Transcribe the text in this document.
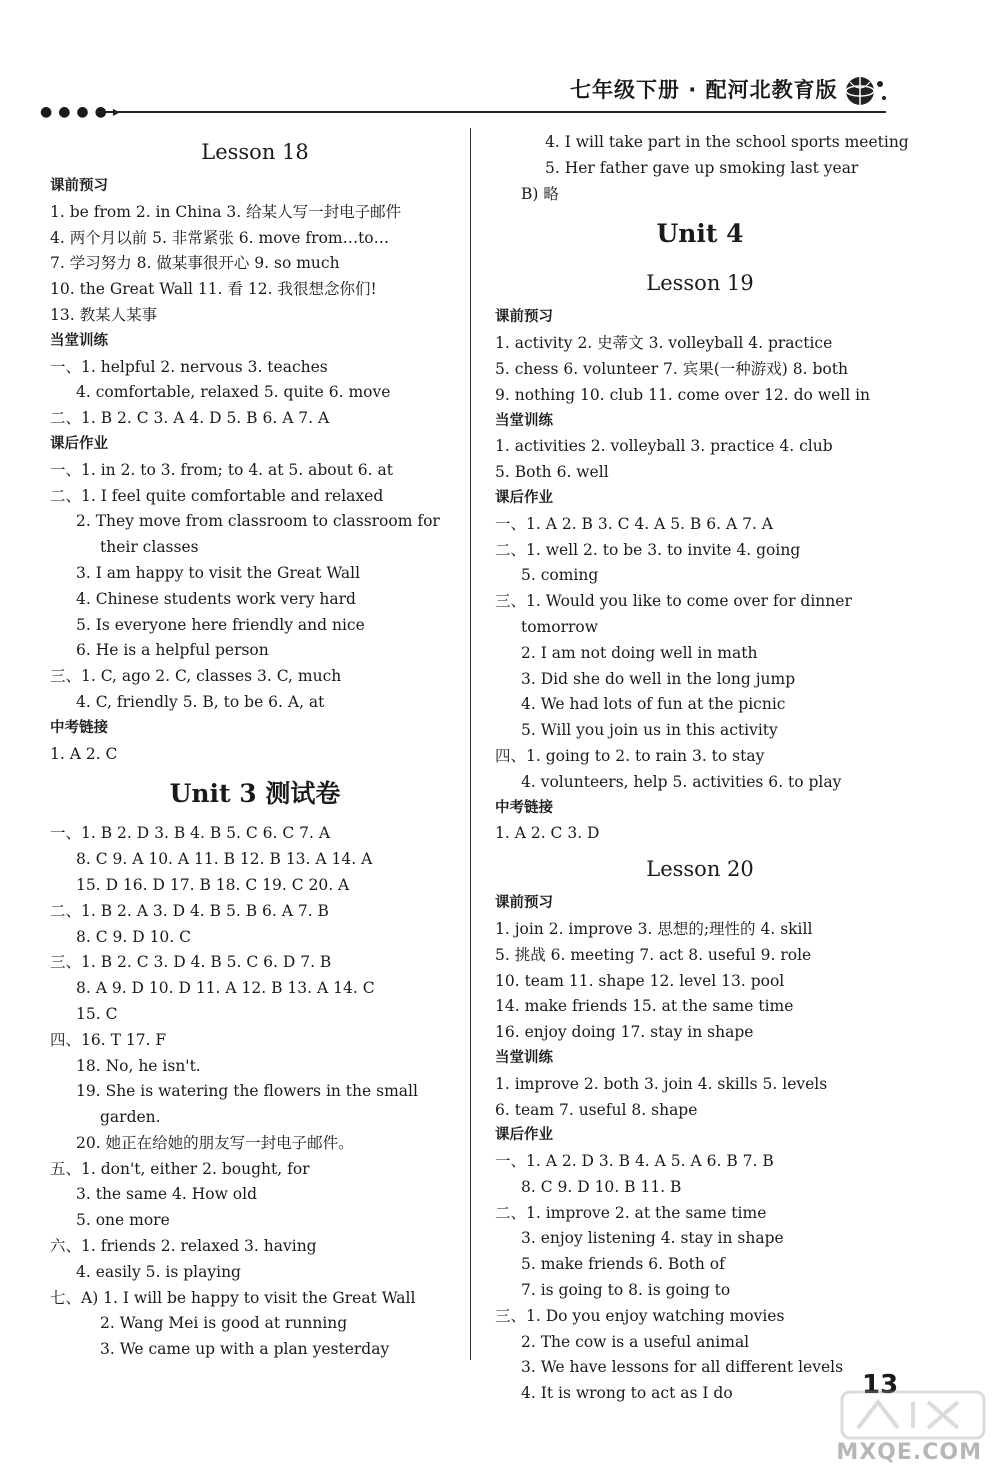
●●●●▸
七年级下册 · 配河北教育版
Lesson 18
课前预习
1. be from 2. in China 3. 给某人写一封电子邮件
4. 两个月以前 5. 非常紧张 6. move from…to…
7. 学习努力 8. 做某事很开心 9. so much
10. the Great Wall 11. 看 12. 我很想念你们!
13. 教某人某事
当堂训练
一、1. helpful 2. nervous 3. teaches
4. comfortable, relaxed 5. quite 6. move
二、1. B 2. C 3. A 4. D 5. B 6. A 7. A
课后作业
一、1. in 2. to 3. from; to 4. at 5. about 6. at
二、1. I feel quite comfortable and relaxed
2. They move from classroom to classroom for
their classes
3. I am happy to visit the Great Wall
4. Chinese students work very hard
5. Is everyone here friendly and nice
6. He is a helpful person
三、1. C, ago 2. C, classes 3. C, much
4. C, friendly 5. B, to be 6. A, at
中考链接
1. A 2. C
Unit 3 测试卷
一、1. B 2. D 3. B 4. B 5. C 6. C 7. A
8. C 9. A 10. A 11. B 12. B 13. A 14. A
15. D 16. D 17. B 18. C 19. C 20. A
二、1. B 2. A 3. D 4. B 5. B 6. A 7. B
8. C 9. D 10. C
三、1. B 2. C 3. D 4. B 5. C 6. D 7. B
8. A 9. D 10. D 11. A 12. B 13. A 14. C
15. C
四、16. T 17. F
18. No, he isn't.
19. She is watering the flowers in the small
garden.
20. 她正在给她的朋友写一封电子邮件。
五、1. don't, either 2. bought, for
3. the same 4. How old
5. one more
六、1. friends 2. relaxed 3. having
4. easily 5. is playing
七、A) 1. I will be happy to visit the Great Wall
2. Wang Mei is good at running
3. We came up with a plan yesterday
4. I will take part in the school sports meeting
5. Her father gave up smoking last year
B) 略
Unit 4
Lesson 19
课前预习
1. activity 2. 史蒂文 3. volleyball 4. practice
5. chess 6. volunteer 7. 宾果(一种游戏) 8. both
9. nothing 10. club 11. come over 12. do well in
当堂训练
1. activities 2. volleyball 3. practice 4. club
5. Both 6. well
课后作业
一、1. A 2. B 3. C 4. A 5. B 6. A 7. A
二、1. well 2. to be 3. to invite 4. going
5. coming
三、1. Would you like to come over for dinner
tomorrow
2. I am not doing well in math
3. Did she do well in the long jump
4. We had lots of fun at the picnic
5. Will you join us in this activity
四、1. going to 2. to rain 3. to stay
4. volunteers, help 5. activities 6. to play
中考链接
1. A 2. C 3. D
Lesson 20
课前预习
1. join 2. improve 3. 思想的;理性的 4. skill
5. 挑战 6. meeting 7. act 8. useful 9. role
10. team 11. shape 12. level 13. pool
14. make friends 15. at the same time
16. enjoy doing 17. stay in shape
当堂训练
1. improve 2. both 3. join 4. skills 5. levels
6. team 7. useful 8. shape
课后作业
一、1. A 2. D 3. B 4. A 5. A 6. B 7. B
8. C 9. D 10. B 11. B
二、1. improve 2. at the same time
3. enjoy listening 4. stay in shape
5. make friends 6. Both of
7. is going to 8. is going to
三、1. Do you enjoy watching movies
2. The cow is a useful animal
3. We have lessons for all different levels
4. It is wrong to act as I do	13
MXQE.COM
